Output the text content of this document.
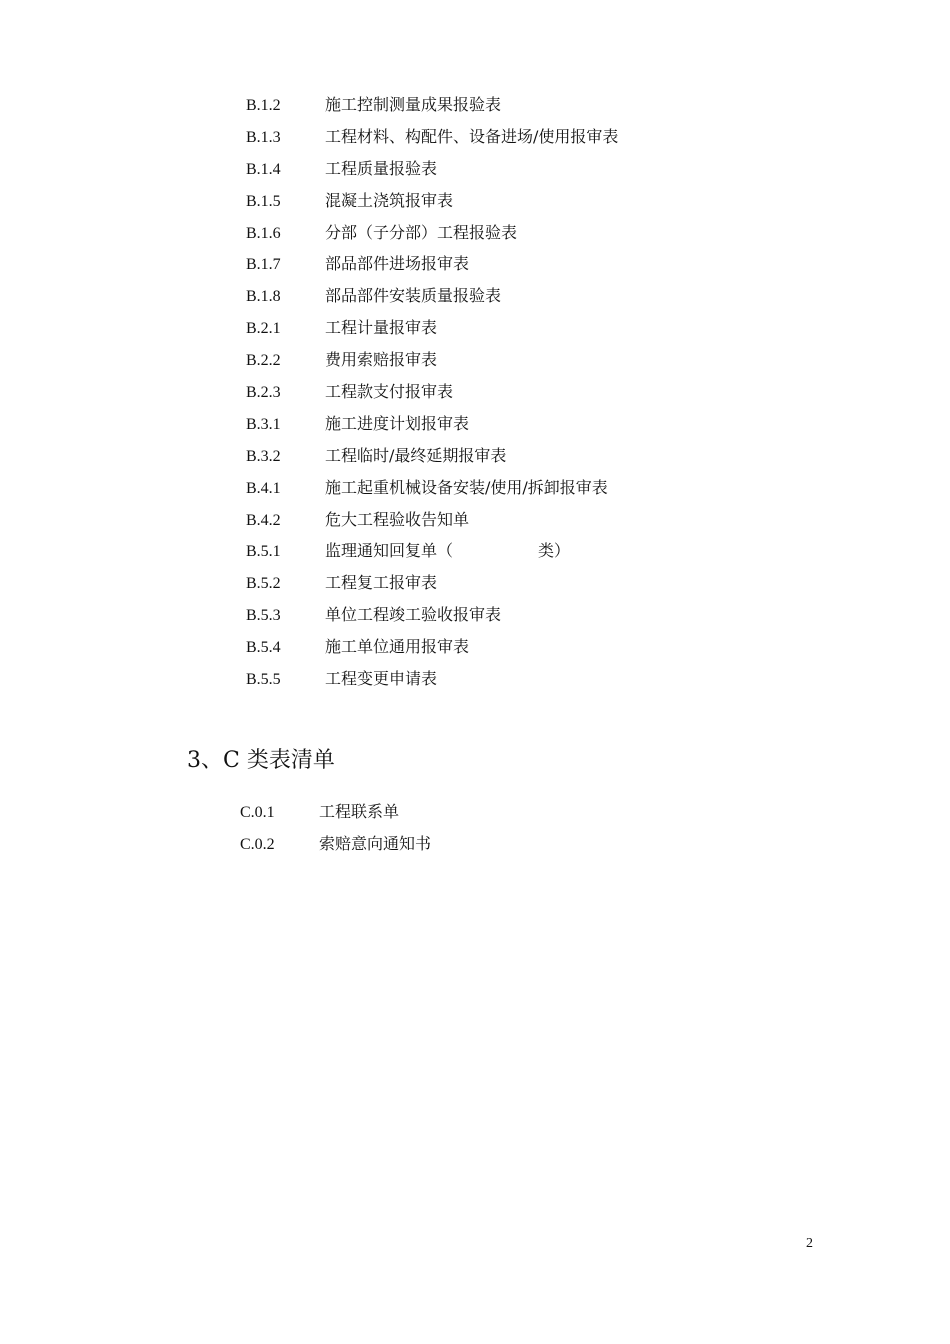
B.1.2	施工控制测量成果报验表
B.1.3	工程材料、构配件、设备进场/使用报审表
B.1.4	工程质量报验表
B.1.5	混凝土浇筑报审表
B.1.6	分部（子分部）工程报验表
B.1.7	部品部件进场报审表
B.1.8	部品部件安装质量报验表
B.2.1	工程计量报审表
B.2.2	费用索赔报审表
B.2.3	工程款支付报审表
B.3.1	施工进度计划报审表
B.3.2	工程临时/最终延期报审表
B.4.1	施工起重机械设备安装/使用/拆卸报审表
B.4.2	危大工程验收告知单
B.5.1	监理通知回复单（	类）
B.5.2	工程复工报审表
B.5.3	单位工程竣工验收报审表
B.5.4	施工单位通用报审表
B.5.5	工程变更申请表
3、C 类表清单
C.0.1	工程联系单
C.0.2	索赔意向通知书
2
